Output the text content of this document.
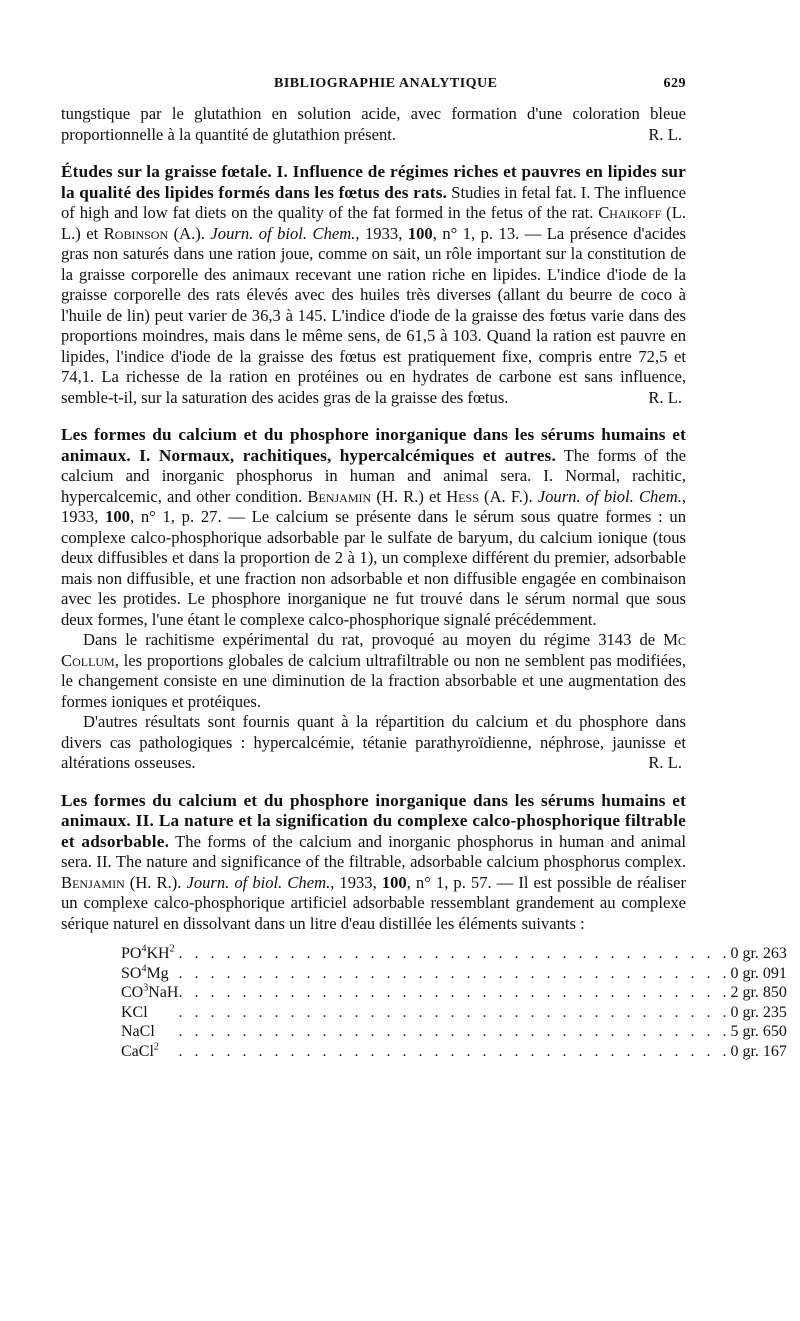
BIBLIOGRAPHIE ANALYTIQUE	629

tungstique par le glutathion en solution acide, avec formation d'une coloration bleue proportionnelle à la quantité de glutathion présent.	R. L.

Études sur la graisse fœtale. I. Influence de régimes riches et pauvres en lipides sur la qualité des lipides formés dans les fœtus des rats. Studies in fetal fat. I. The influence of high and low fat diets on the quality of the fat formed in the fetus of the rat. Chaikoff (L. L.) et Robinson (A.). Journ. of biol. Chem., 1933, 100, n° 1, p. 13. — La présence d'acides gras non saturés dans une ration joue, comme on sait, un rôle important sur la constitution de la graisse corporelle des animaux recevant une ration riche en lipides. L'indice d'iode de la graisse corporelle des rats élevés avec des huiles très diverses (allant du beurre de coco à l'huile de lin) peut varier de 36,3 à 145. L'indice d'iode de la graisse des fœtus varie dans des proportions moindres, mais dans le même sens, de 61,5 à 103. Quand la ration est pauvre en lipides, l'indice d'iode de la graisse des fœtus est pratiquement fixe, compris entre 72,5 et 74,1. La richesse de la ration en protéines ou en hydrates de carbone est sans influence, semble-t-il, sur la saturation des acides gras de la graisse des fœtus.	R. L.

Les formes du calcium et du phosphore inorganique dans les sérums humains et animaux. I. Normaux, rachitiques, hypercalcémiques et autres. The forms of the calcium and inorganic phosphorus in human and animal sera. I. Normal, rachitic, hypercalcemic, and other condition. Benjamin (H. R.) et Hess (A. F.). Journ. of biol. Chem., 1933, 100, n° 1, p. 27. — Le calcium se présente dans le sérum sous quatre formes : un complexe calco-phosphorique adsorbable par le sulfate de baryum, du calcium ionique (tous deux diffusibles et dans la proportion de 2 à 1), un complexe différent du premier, adsorbable mais non diffusible, et une fraction non adsorbable et non diffusible engagée en combinaison avec les protides. Le phosphore inorganique ne fut trouvé dans le sérum normal que sous deux formes, l'une étant le complexe calco-phosphorique signalé précédemment.

Dans le rachitisme expérimental du rat, provoqué au moyen du régime 3143 de Mc Collum, les proportions globales de calcium ultrafiltrable ou non ne semblent pas modifiées, le changement consiste en une diminution de la fraction absorbable et une augmentation des formes ioniques et protéiques.

D'autres résultats sont fournis quant à la répartition du calcium et du phosphore dans divers cas pathologiques : hypercalcémie, tétanie parathyroïdienne, néphrose, jaunisse et altérations osseuses.	R. L.

Les formes du calcium et du phosphore inorganique dans les sérums humains et animaux. II. La nature et la signification du complexe calco-phosphorique filtrable et adsorbable. The forms of the calcium and inorganic phosphorus in human and animal sera. II. The nature and significance of the filtrable, adsorbable calcium phosphorus complex. Benjamin (H. R.). Journ. of biol. Chem., 1933, 100, n° 1, p. 57. — Il est possible de réaliser un complexe calco-phosphorique artificiel adsorbable ressemblant grandement au complexe sérique naturel en dissolvant dans un litre d'eau distillée les éléments suivants :

$PO^4KH^2$	. . . . . . . . . . . . . . . . . . . . . . . . . . . . . . . . . . .	0 gr. 263
$SO^4Mg$	. . . . . . . . . . . . . . . . . . . . . . . . . . . . . . . . . . .	0 gr. 091
$CO^3NaH$	. . . . . . . . . . . . . . . . . . . . . . . . . . . . . . . . . . .	2 gr. 850
KCl	. . . . . . . . . . . . . . . . . . . . . . . . . . . . . . . . . . .	0 gr. 235
NaCl	. . . . . . . . . . . . . . . . . . . . . . . . . . . . . . . . . . .	5 gr. 650
CaCl$^2$	. . . . . . . . . . . . . . . . . . . . . . . . . . . . . . . . . . .	0 gr. 167
